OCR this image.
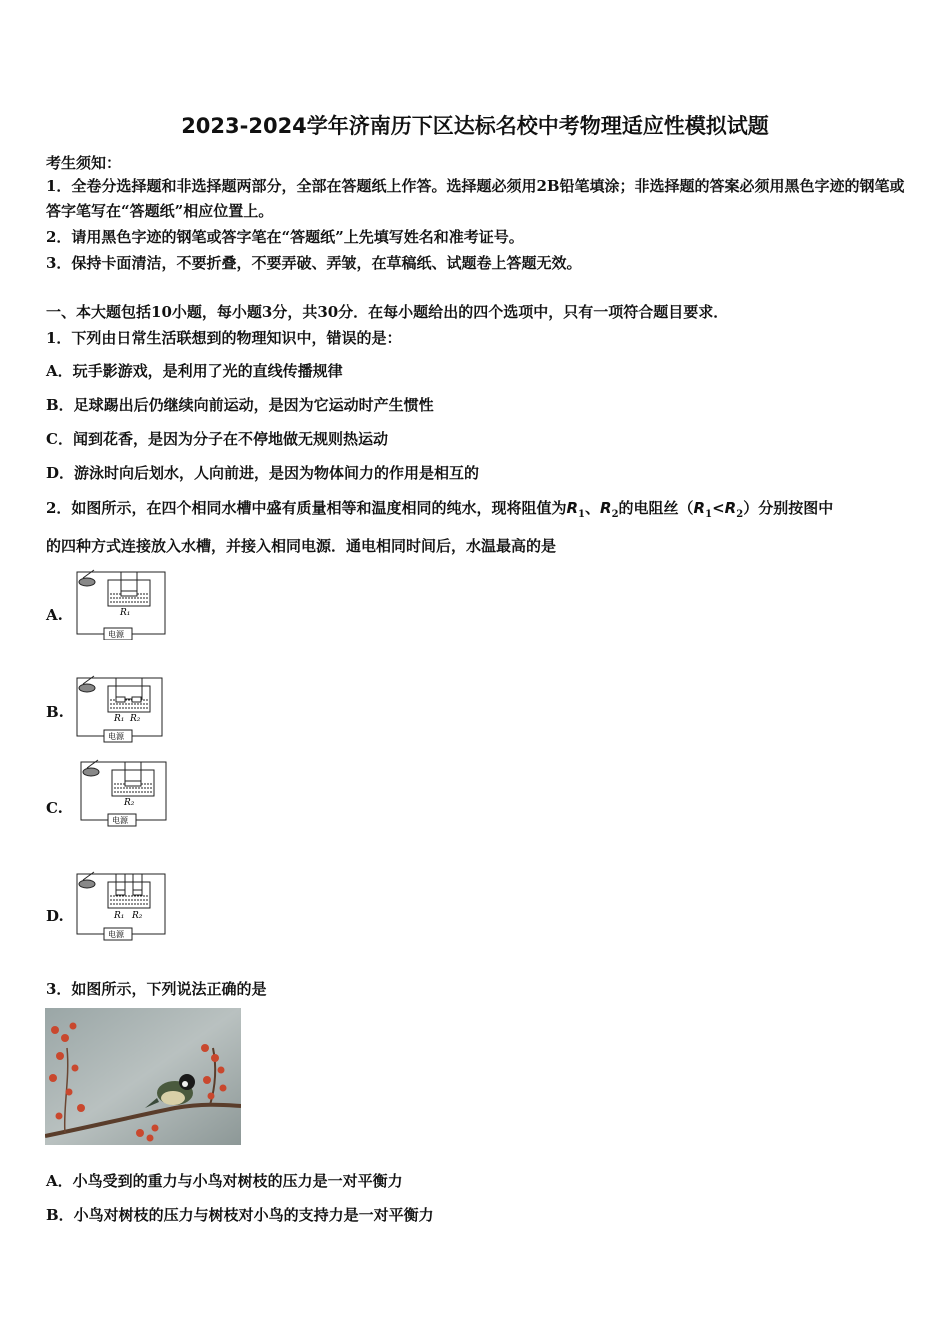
2023-2024学年济南历下区达标名校中考物理适应性模拟试题
考生须知：
1．全卷分选择题和非选择题两部分，全部在答题纸上作答。选择题必须用2B铅笔填涂；非选择题的答案必须用黑色字迹的钢笔或答字笔写在“答题纸”相应位置上。
2．请用黑色字迹的钢笔或答字笔在“答题纸”上先填写姓名和准考证号。
3．保持卡面清洁，不要折叠，不要弄破、弄皱，在草稿纸、试题卷上答题无效。
一、本大题包括10小题，每小题3分，共30分．在每小题给出的四个选项中，只有一项符合题目要求．
1．下列由日常生活联想到的物理知识中，错误的是：
A．玩手影游戏，是利用了光的直线传播规律
B．足球踢出后仍继续向前运动，是因为它运动时产生惯性
C．闻到花香，是因为分子在不停地做无规则热运动
D．游泳时向后划水，人向前进，是因为物体间力的作用是相互的
2．如图所示，在四个相同水槽中盛有质量相等和温度相同的纯水，现将阻值为$R_1$、$R_2$的电阻丝$(R_1<R_2)$分别按图中
的四种方式连接放入水槽，并接入相同电源．通电相同时间后，水温最高的是
A.	R₁
电源
B.	R₁ R₂
电源
C.	R₂
电源
D.	R₁ R₂
电源
3．如图所示，下列说法正确的是
A．小鸟受到的重力与小鸟对树枝的压力是一对平衡力
B．小鸟对树枝的压力与树枝对小鸟的支持力是一对平衡力
